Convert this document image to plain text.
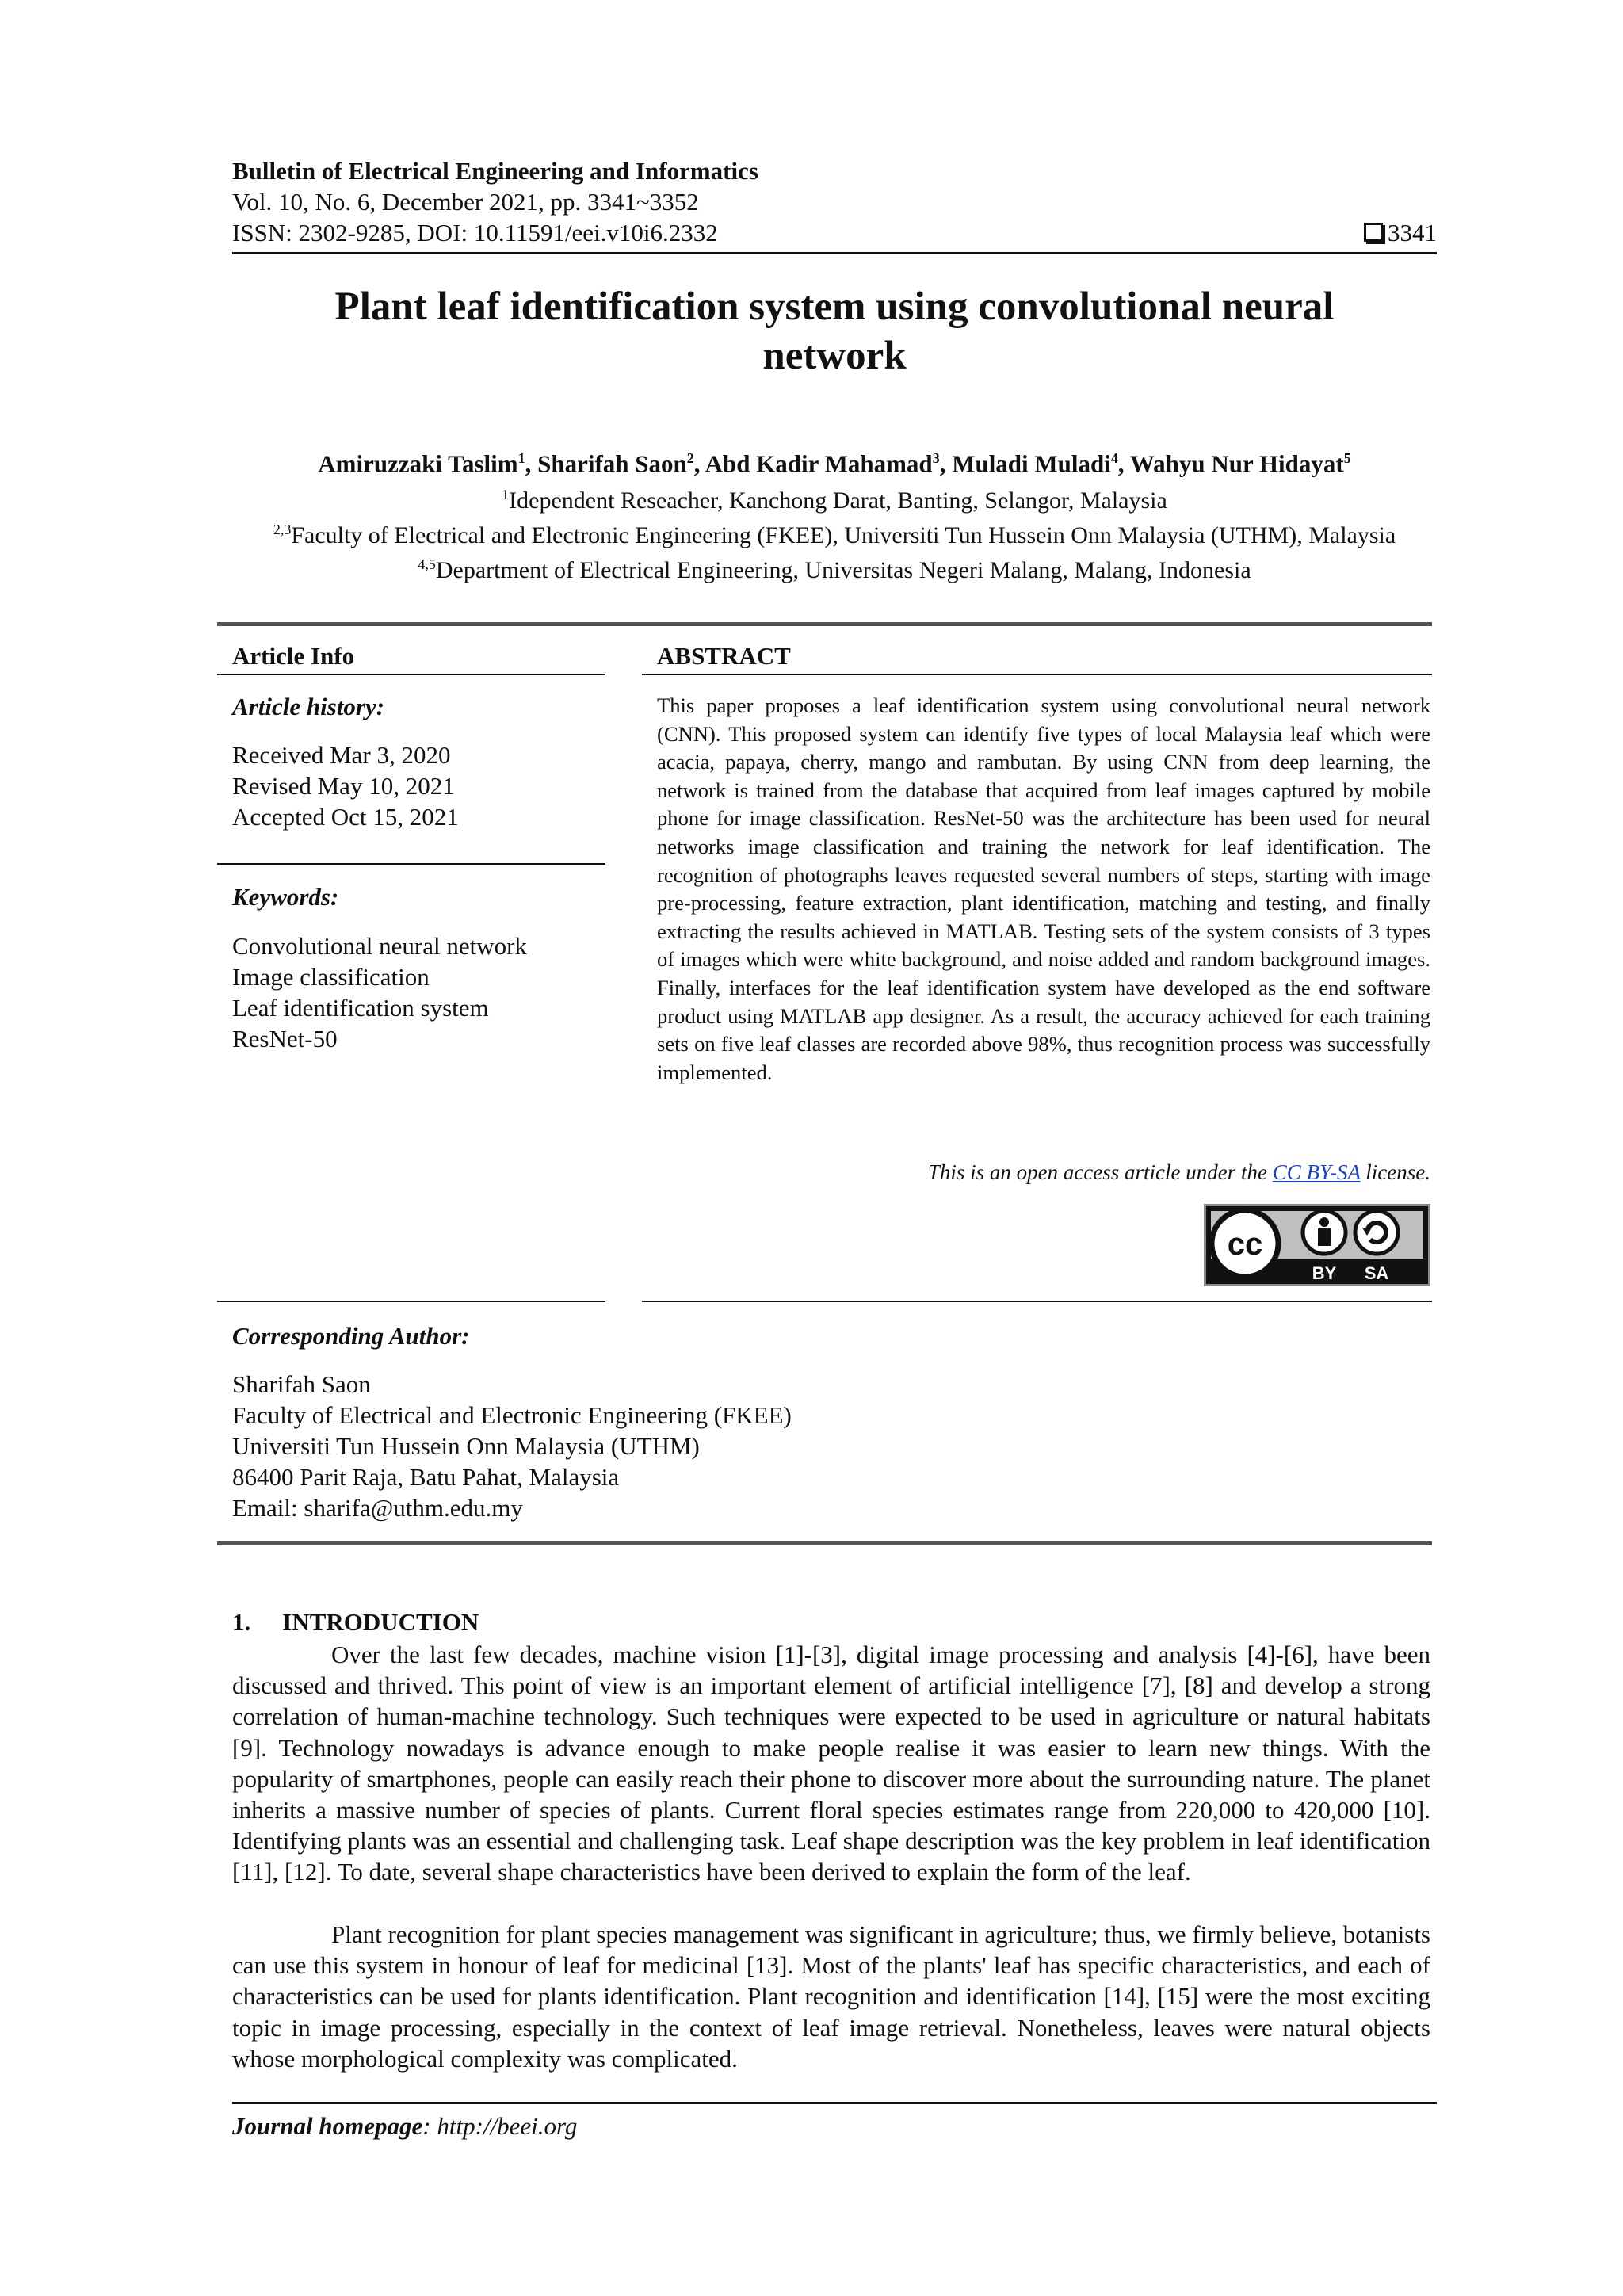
Bulletin of Electrical Engineering and Informatics
Vol. 10, No. 6, December 2021, pp. 3341~3352
ISSN: 2302-9285, DOI: 10.11591/eei.v10i6.2332	3341
Plant leaf identification system using convolutional neural
network
Amiruzzaki Taslim$^1$, Sharifah Saon$^2$, Abd Kadir Mahamad$^3$, Muladi Muladi$^4$, Wahyu Nur Hidayat$^5$
$^1$Idependent Reseacher, Kanchong Darat, Banting, Selangor, Malaysia
$^{2,3}$Faculty of Electrical and Electronic Engineering (FKEE), Universiti Tun Hussein Onn Malaysia (UTHM), Malaysia
$^{4,5}$Department of Electrical Engineering, Universitas Negeri Malang, Malang, Indonesia
Article Info	ABSTRACT
Article history:
Received Mar 3, 2020
Revised May 10, 2021
Accepted Oct 15, 2021
Keywords:
Convolutional neural network
Image classification
Leaf identification system
ResNet-50
This paper proposes a leaf identification system using convolutional neural network (CNN). This proposed system can identify five types of local Malaysia leaf which were acacia, papaya, cherry, mango and rambutan. By using CNN from deep learning, the network is trained from the database that acquired from leaf images captured by mobile phone for image classification. ResNet-50 was the architecture has been used for neural networks image classification and training the network for leaf identification. The recognition of photographs leaves requested several numbers of steps, starting with image pre-processing, feature extraction, plant identification, matching and testing, and finally extracting the results achieved in MATLAB. Testing sets of the system consists of 3 types of images which were white background, and noise added and random background images. Finally, interfaces for the leaf identification system have developed as the end software product using MATLAB app designer. As a result, the accuracy achieved for each training sets on five leaf classes are recorded above 98%, thus recognition process was successfully implemented.
This is an open access article under the CC BY-SA license.
cc
BY SA
Corresponding Author:
Sharifah Saon
Faculty of Electrical and Electronic Engineering (FKEE)
Universiti Tun Hussein Onn Malaysia (UTHM)
86400 Parit Raja, Batu Pahat, Malaysia
Email: sharifa@uthm.edu.my
1. INTRODUCTION
Over the last few decades, machine vision [1]-[3], digital image processing and analysis [4]-[6], have been discussed and thrived. This point of view is an important element of artificial intelligence [7], [8] and develop a strong correlation of human-machine technology. Such techniques were expected to be used in agriculture or natural habitats [9]. Technology nowadays is advance enough to make people realise it was easier to learn new things. With the popularity of smartphones, people can easily reach their phone to discover more about the surrounding nature. The planet inherits a massive number of species of plants. Current floral species estimates range from 220,000 to 420,000 [10]. Identifying plants was an essential and challenging task. Leaf shape description was the key problem in leaf identification [11], [12]. To date, several shape characteristics have been derived to explain the form of the leaf.
Plant recognition for plant species management was significant in agriculture; thus, we firmly believe, botanists can use this system in honour of leaf for medicinal [13]. Most of the plants' leaf has specific characteristics, and each of characteristics can be used for plants identification. Plant recognition and identification [14], [15] were the most exciting topic in image processing, especially in the context of leaf image retrieval. Nonetheless, leaves were natural objects whose morphological complexity was complicated.
Journal homepage: http://beei.org
